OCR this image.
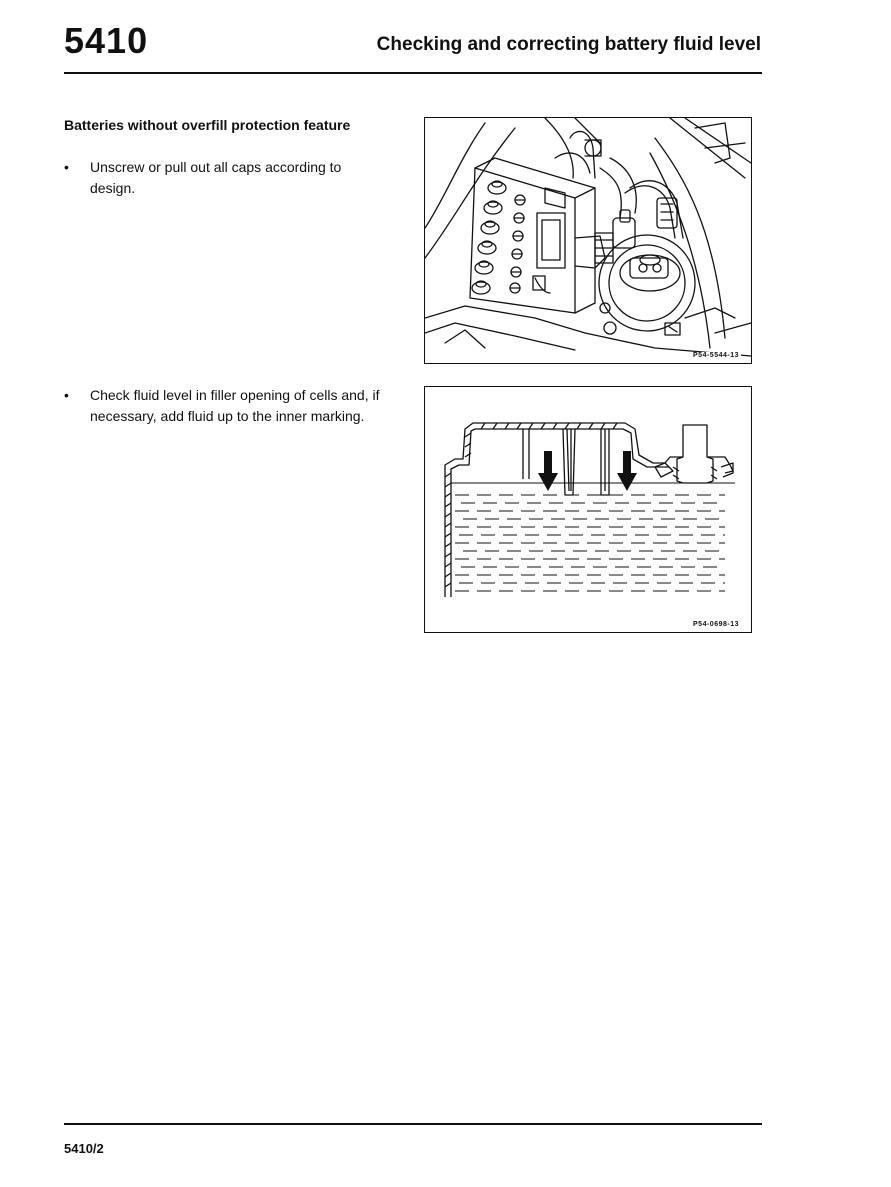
5410	Checking and correcting battery fluid level
Batteries without overfill protection feature
• Unscrew or pull out all caps according to design.
• Check fluid level in filler opening of cells and, if necessary, add fluid up to the inner marking.
P54-5544-13
P54-0698-13
5410/2
